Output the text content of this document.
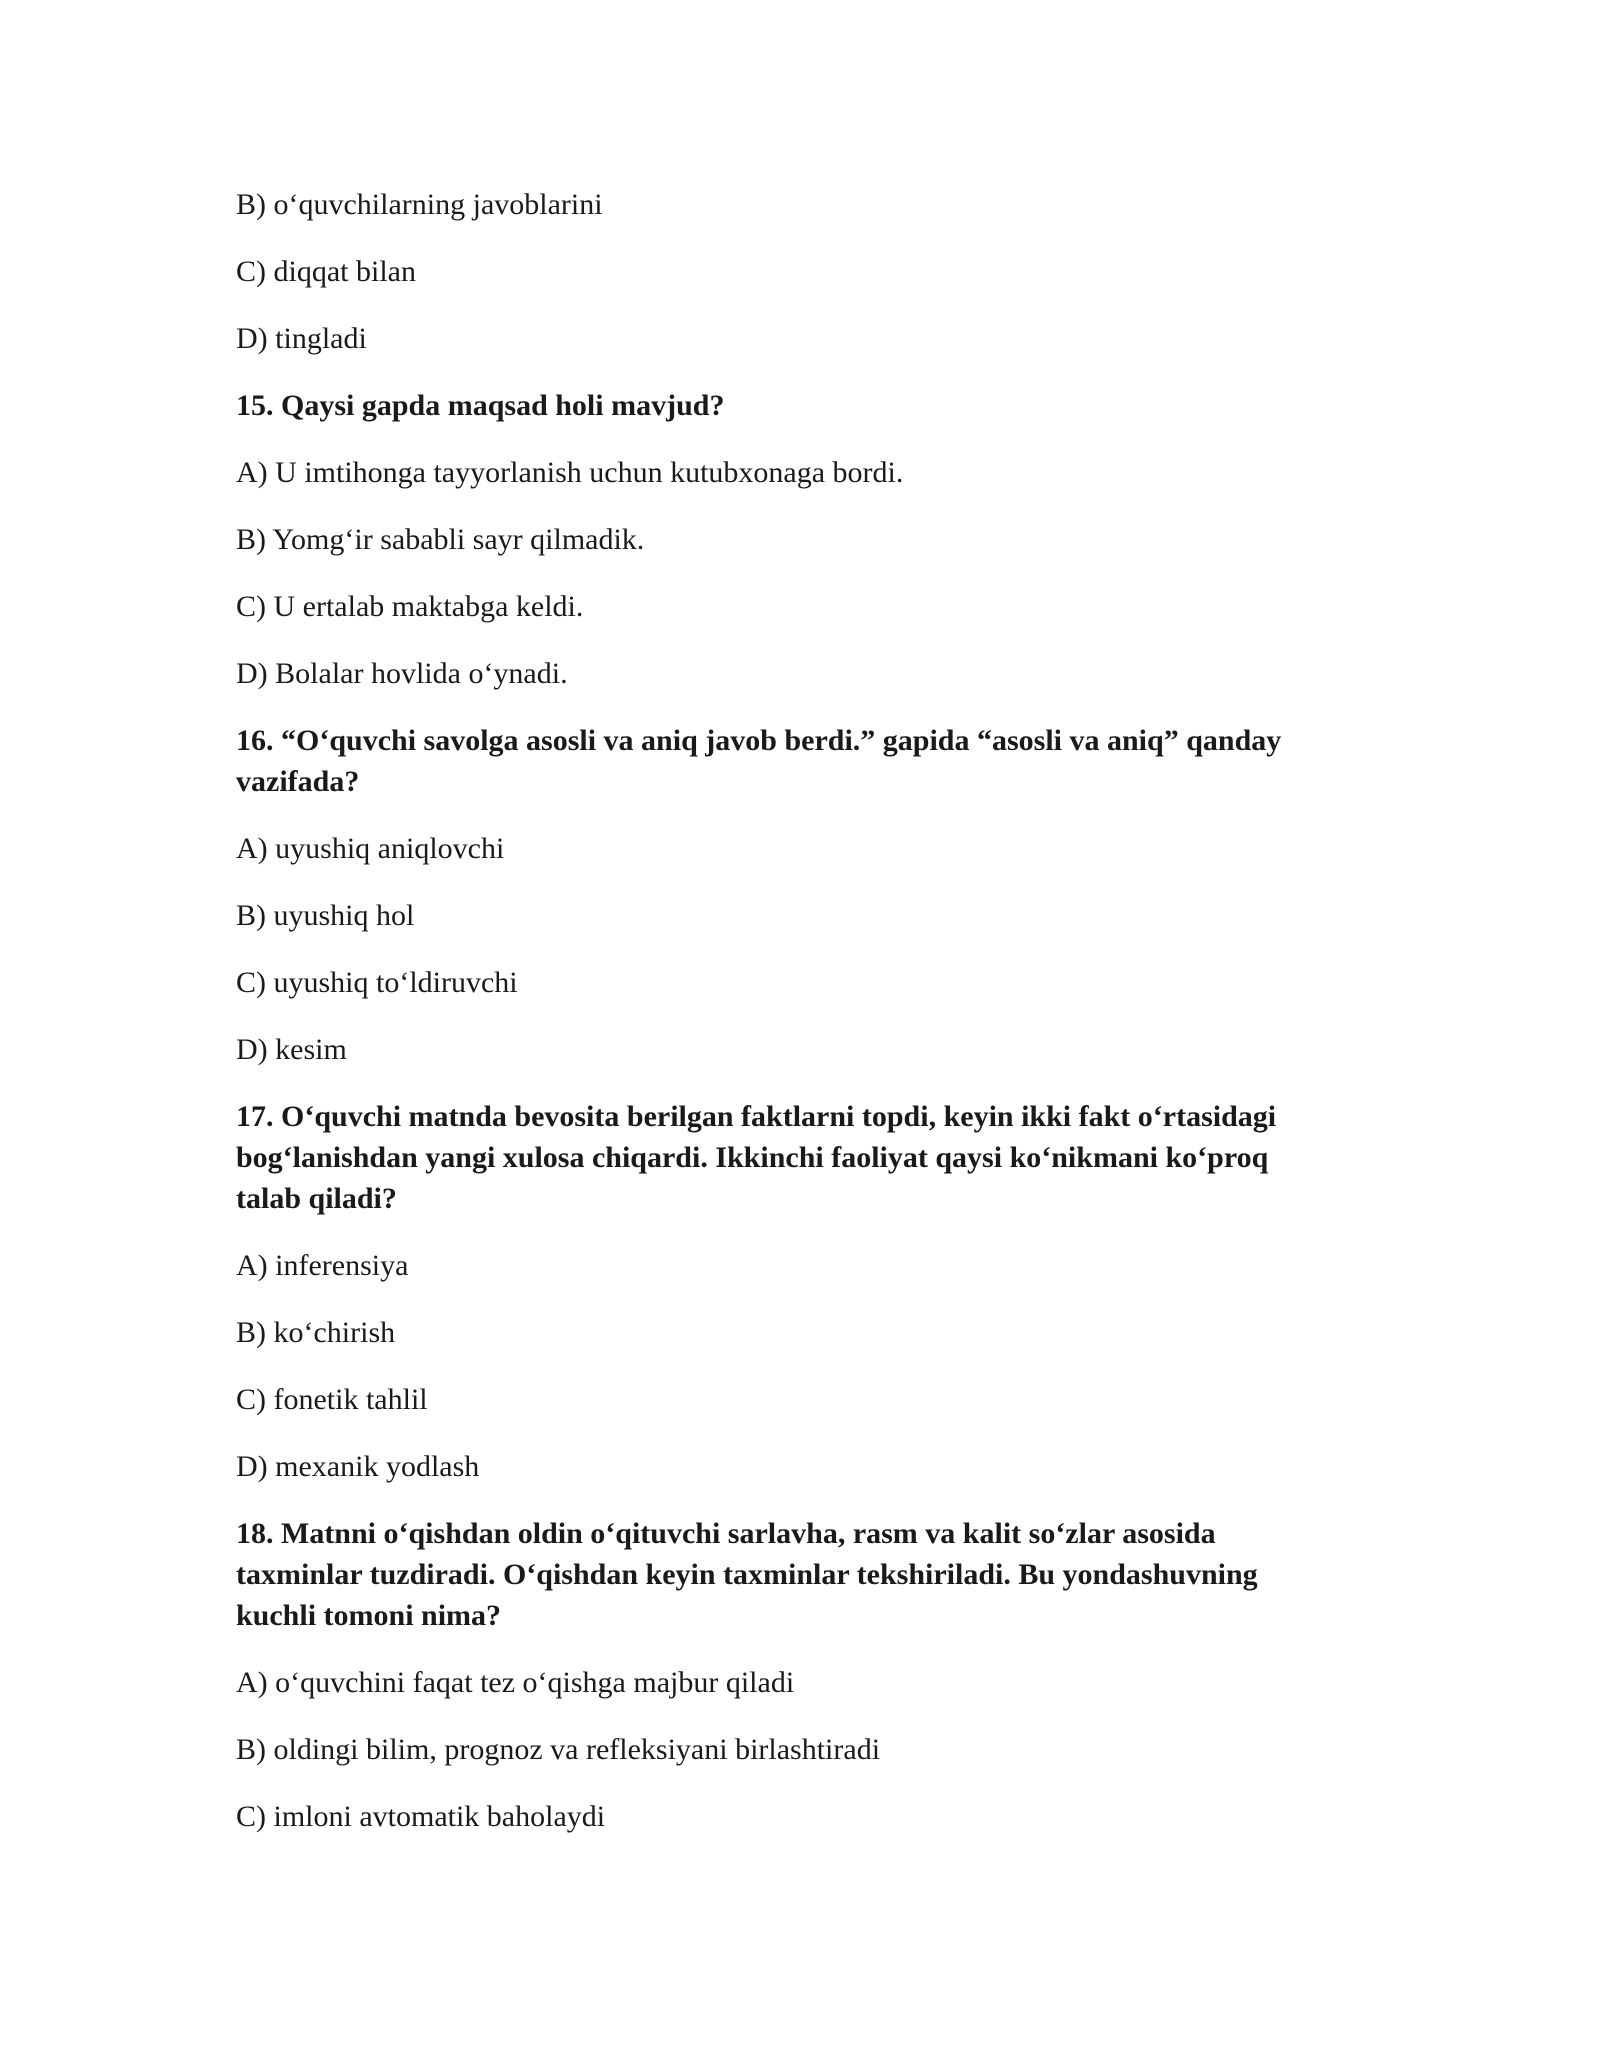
B) o‘quvchilarning javoblarini
C) diqqat bilan
D) tingladi
15. Qaysi gapda maqsad holi mavjud?
A) U imtihonga tayyorlanish uchun kutubxonaga bordi.
B) Yomg‘ir sababli sayr qilmadik.
C) U ertalab maktabga keldi.
D) Bolalar hovlida o‘ynadi.
16. “O‘quvchi savolga asosli va aniq javob berdi.” gapida “asosli va aniq” qanday
vazifada?
A) uyushiq aniqlovchi
B) uyushiq hol
C) uyushiq to‘ldiruvchi
D) kesim
17. O‘quvchi matnda bevosita berilgan faktlarni topdi, keyin ikki fakt o‘rtasidagi
bog‘lanishdan yangi xulosa chiqardi. Ikkinchi faoliyat qaysi ko‘nikmani ko‘proq
talab qiladi?
A) inferensiya
B) ko‘chirish
C) fonetik tahlil
D) mexanik yodlash
18. Matnni o‘qishdan oldin o‘qituvchi sarlavha, rasm va kalit so‘zlar asosida
taxminlar tuzdiradi. O‘qishdan keyin taxminlar tekshiriladi. Bu yondashuvning
kuchli tomoni nima?
A) o‘quvchini faqat tez o‘qishga majbur qiladi
B) oldingi bilim, prognoz va refleksiyani birlashtiradi
C) imloni avtomatik baholaydi
